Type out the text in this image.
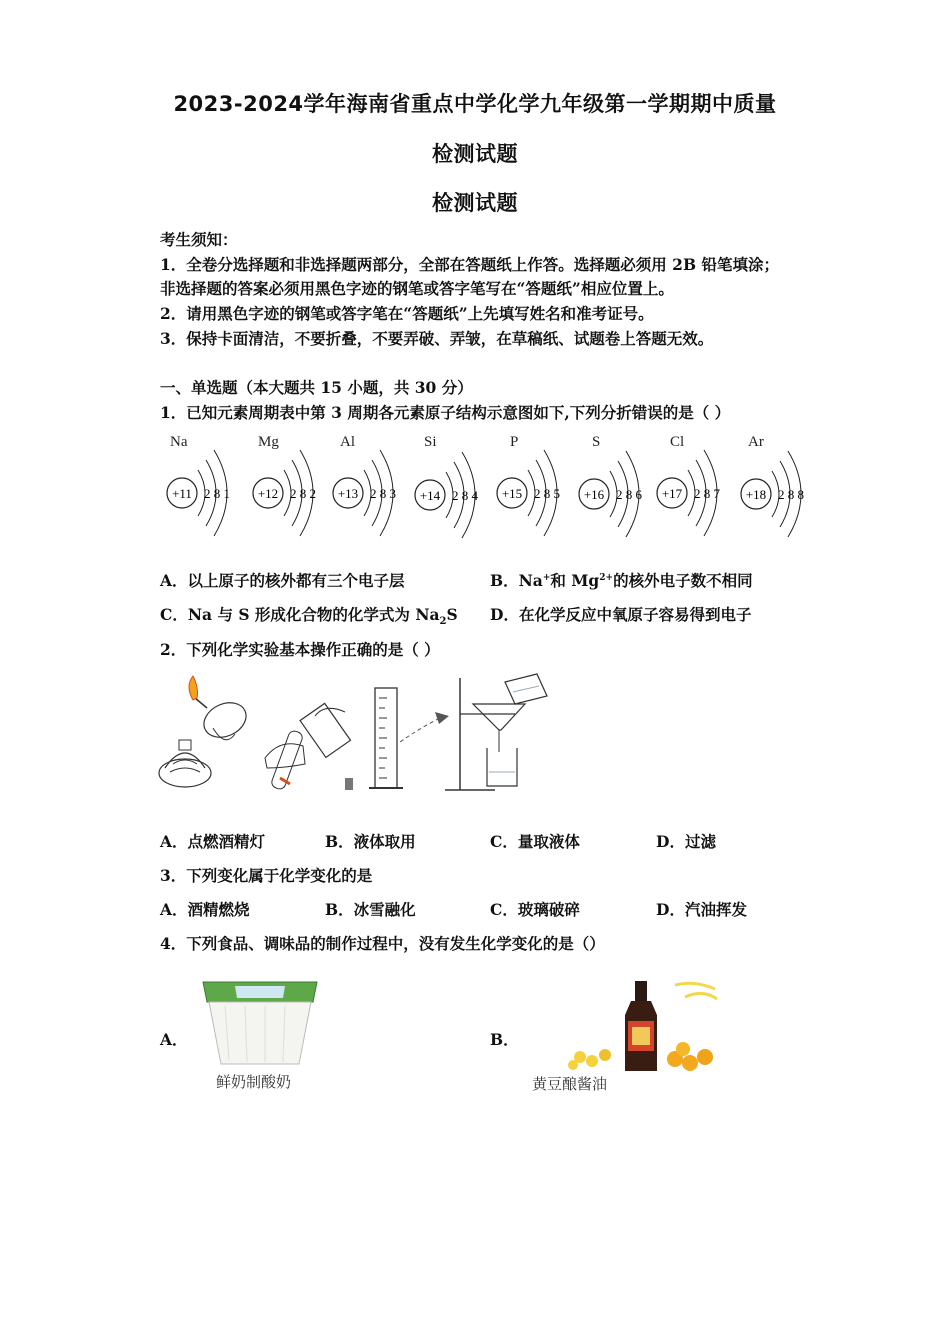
2023-2024学年海南省重点中学化学九年级第一学期期中质量
检测试题
检测试题
考生须知：
1．全卷分选择题和非选择题两部分，全部在答题纸上作答。选择题必须用 2B 铅笔填涂；
非选择题的答案必须用黑色字迹的钢笔或答字笔写在“答题纸”相应位置上。
2．请用黑色字迹的钢笔或答字笔在“答题纸”上先填写姓名和准考证号。
3．保持卡面清洁，不要折叠，不要弄破、弄皱，在草稿纸、试题卷上答题无效。
一、单选题（本大题共 15 小题，共 30 分）
1．已知元素周期表中第 3 周期各元素原子结构示意图如下,下列分折错误的是（ ）
Na	Mg	Al	Si	P	S	Cl	Ar
+11 2 8 1 +12 2 8 2 +13 2 8 3 +14 2 8 4 +15 2 8 5 +16 2 8 6 +17 2 8 7 +18 2 8 8
A．以上原子的核外都有三个电子层	B．Na+和 $Mg^{2+}$的核外电子数不相同
C．Na 与 S 形成化合物的化学式为 $Na_2S$ D．在化学反应中氧原子容易得到电子
2．下列化学实验基本操作正确的是（ ）
A．点燃酒精灯	B．液体取用	C．量取液体	D．过滤
3．下列变化属于化学变化的是
A．酒精燃烧	B．冰雪融化	C．玻璃破碎	D．汽油挥发
4．下列食品、调味品的制作过程中，没有发生化学变化的是（）
A．
鲜奶制酸奶
B．
黄豆酿酱油
